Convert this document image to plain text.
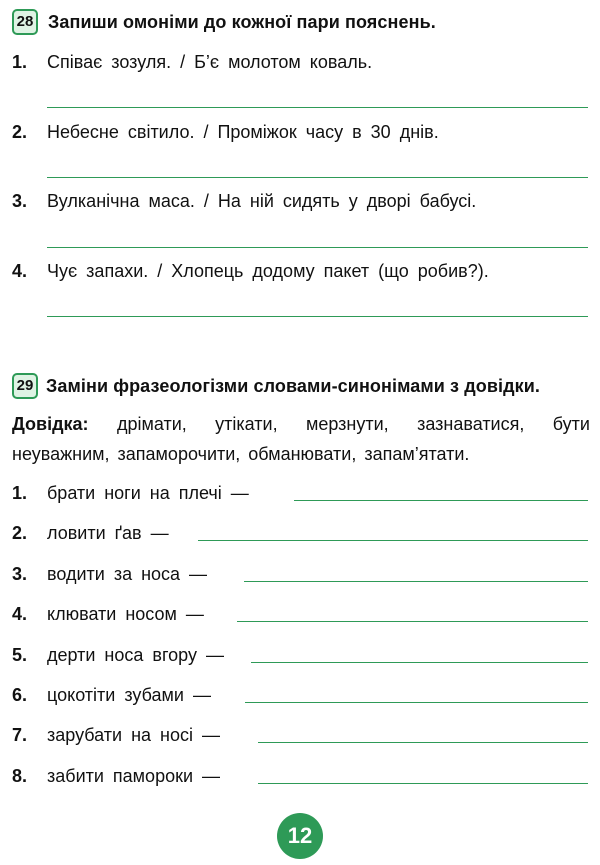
28 Запиши омоніми до кожної пари пояснень.
1. Співає зозуля. / Б’є молотом коваль.
2. Небесне світило. / Проміжок часу в 30 днів.
3. Вулканічна маса. / На ній сидять у дворі бабусі.
4. Чує запахи. / Хлопець додому пакет (що робив?).
29 Заміни фразеологізми словами-синонімами з довідки.
Довідка: дрімати, утікати, мерзнути, зазнаватися, бути неуважним, запаморочити, обманювати, запам’ятати.
1. брати ноги на плечі —
2. ловити ґав —
3. водити за носа —
4. клювати носом —
5. дерти носа вгору —
6. цокотіти зубами —
7. зарубати на носі —
8. забити памороки —
12
